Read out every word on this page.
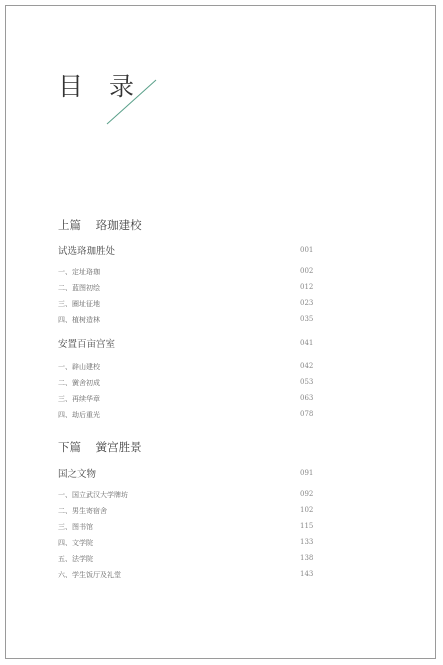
目 录
上篇 珞珈建校
试选珞珈胜处	001
一、定址珞珈	002
二、蓝图初绘	012
三、圈址征地	023
四、植树造林	035
安置百亩宫室	041
一、辟山建校	042
二、黉舍初成	053
三、再续华章	063
四、劫后重光	078
下篇 黉宫胜景
国之文物	091
一、国立武汉大学牌坊	092
二、男生寄宿舍	102
三、图书馆	115
四、文学院	133
五、法学院	138
六、学生饭厅及礼堂	143
